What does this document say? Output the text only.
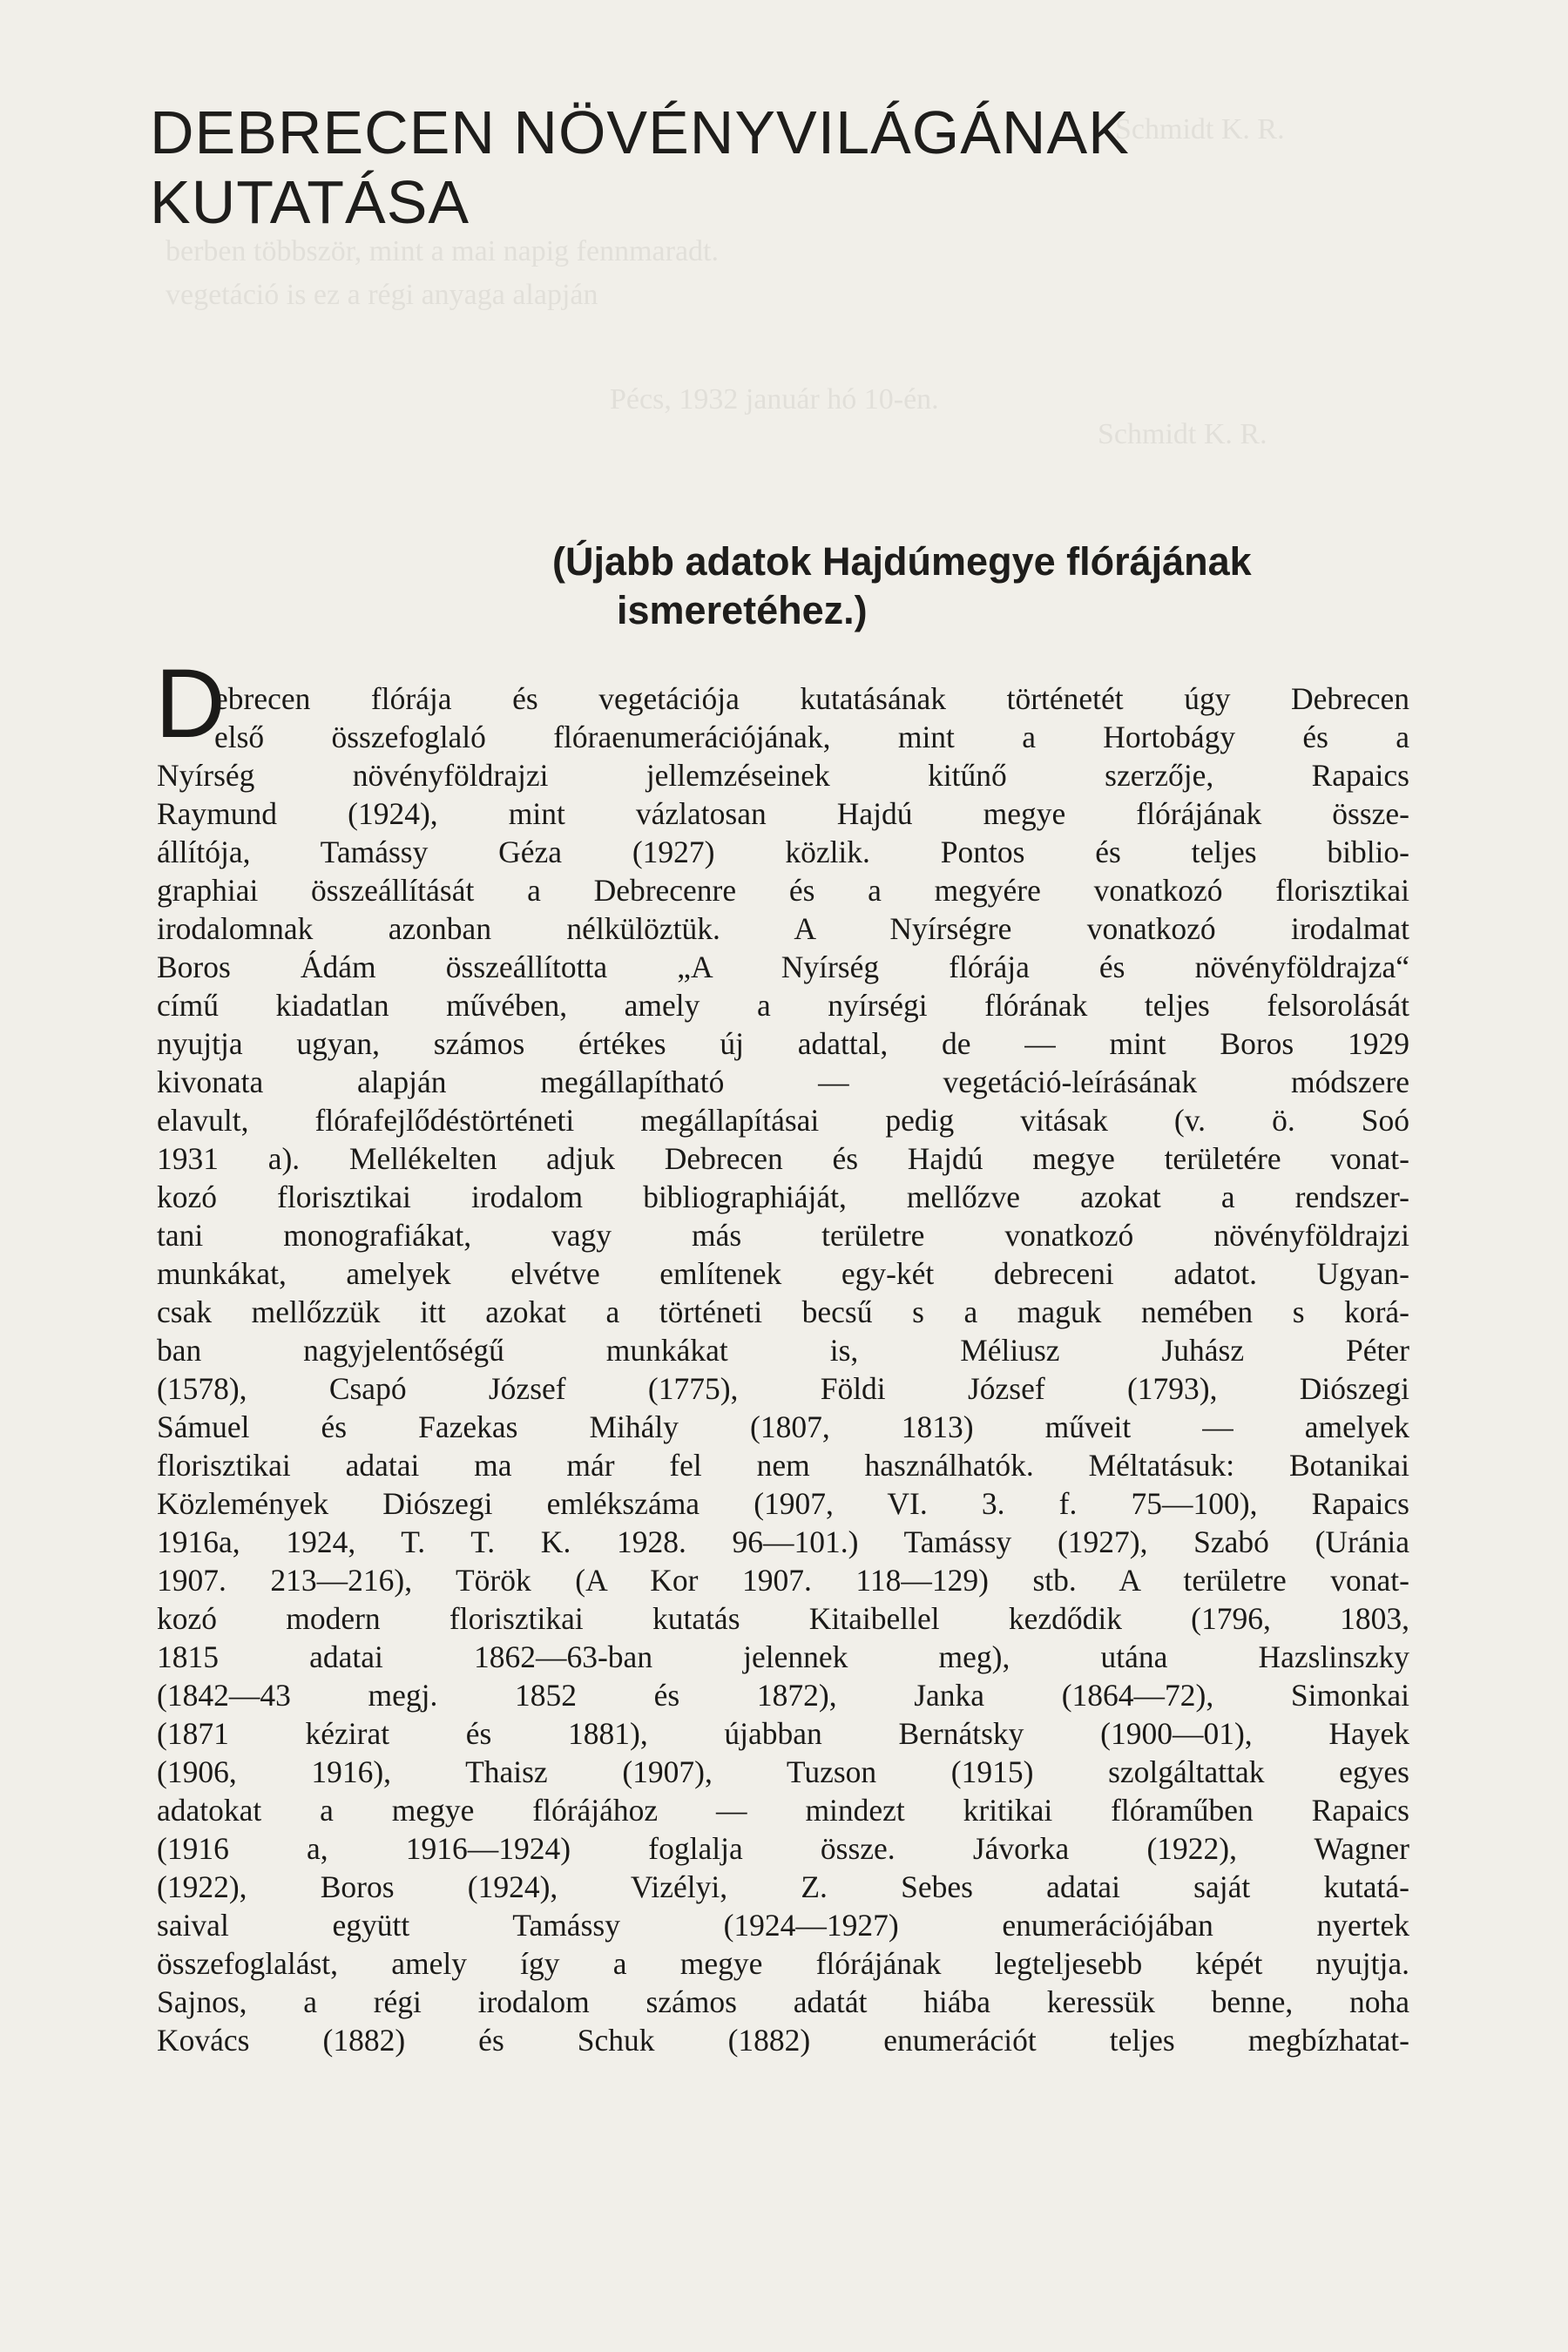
Schmidt K. R.
berben többször, mint a mai napig fennmaradt.
vegetáció is ez a régi anyaga alapján
Pécs, 1932 január hó 10-én.
Schmidt K. R.
DEBRECEN NÖVÉNYVILÁGÁNAK
KUTATÁSA
(Újabb adatok Hajdúmegye flórájának
ismeretéhez.)
D
ebrecen flórája és vegetációja kutatásának történetét úgy Debrecen
első összefoglaló flóraenumerációjának, mint a Hortobágy és a
Nyírség növényföldrajzi jellemzéseinek kitűnő szerzője, Rapaics
Raymund (1924), mint vázlatosan Hajdú megye flórájának össze-
állítója, Tamássy Géza (1927) közlik. Pontos és teljes biblio-
graphiai összeállítását a Debrecenre és a megyére vonatkozó florisztikai
irodalomnak azonban nélkülöztük. A Nyírségre vonatkozó irodalmat
Boros Ádám összeállította „A Nyírség flórája és növényföldrajza“
című kiadatlan művében, amely a nyírségi flórának teljes felsorolását
nyujtja ugyan, számos értékes új adattal, de — mint Boros 1929
kivonata alapján megállapítható — vegetáció-leírásának módszere
elavult, flórafejlődéstörténeti megállapításai pedig vitásak (v. ö. Soó
1931 a). Mellékelten adjuk Debrecen és Hajdú megye területére vonat-
kozó florisztikai irodalom bibliographiáját, mellőzve azokat a rendszer-
tani monografiákat, vagy más területre vonatkozó növényföldrajzi
munkákat, amelyek elvétve említenek egy-két debreceni adatot. Ugyan-
csak mellőzzük itt azokat a történeti becsű s a maguk nemében s korá-
ban nagyjelentőségű munkákat is, Méliusz Juhász Péter
(1578), Csapó József (1775), Földi József (1793), Diószegi
Sámuel és Fazekas Mihály (1807, 1813) műveit — amelyek
florisztikai adatai ma már fel nem használhatók. Méltatásuk: Botanikai
Közlemények Diószegi emlékszáma (1907, VI. 3. f. 75—100), Rapaics
1916a, 1924, T. T. K. 1928. 96—101.) Tamássy (1927), Szabó (Uránia
1907. 213—216), Török (A Kor 1907. 118—129) stb. A területre vonat-
kozó modern florisztikai kutatás Kitaibellel kezdődik (1796, 1803,
1815 adatai 1862—63-ban jelennek meg), utána Hazslinszky
(1842—43 megj. 1852 és 1872), Janka (1864—72), Simonkai
(1871 kézirat és 1881), újabban Bernátsky (1900—01), Hayek
(1906, 1916), Thaisz (1907), Tuzson (1915) szolgáltattak egyes
adatokat a megye flórájához — mindezt kritikai flóraműben Rapaics
(1916 a, 1916—1924) foglalja össze. Jávorka (1922), Wagner
(1922), Boros (1924), Vizélyi, Z. Sebes adatai saját kutatá-
saival együtt Tamássy (1924—1927) enumerációjában nyertek
összefoglalást, amely így a megye flórájának legteljesebb képét nyujtja.
Sajnos, a régi irodalom számos adatát hiába keressük benne, noha
Kovács (1882) és Schuk (1882) enumerációt teljes megbízhatat-
